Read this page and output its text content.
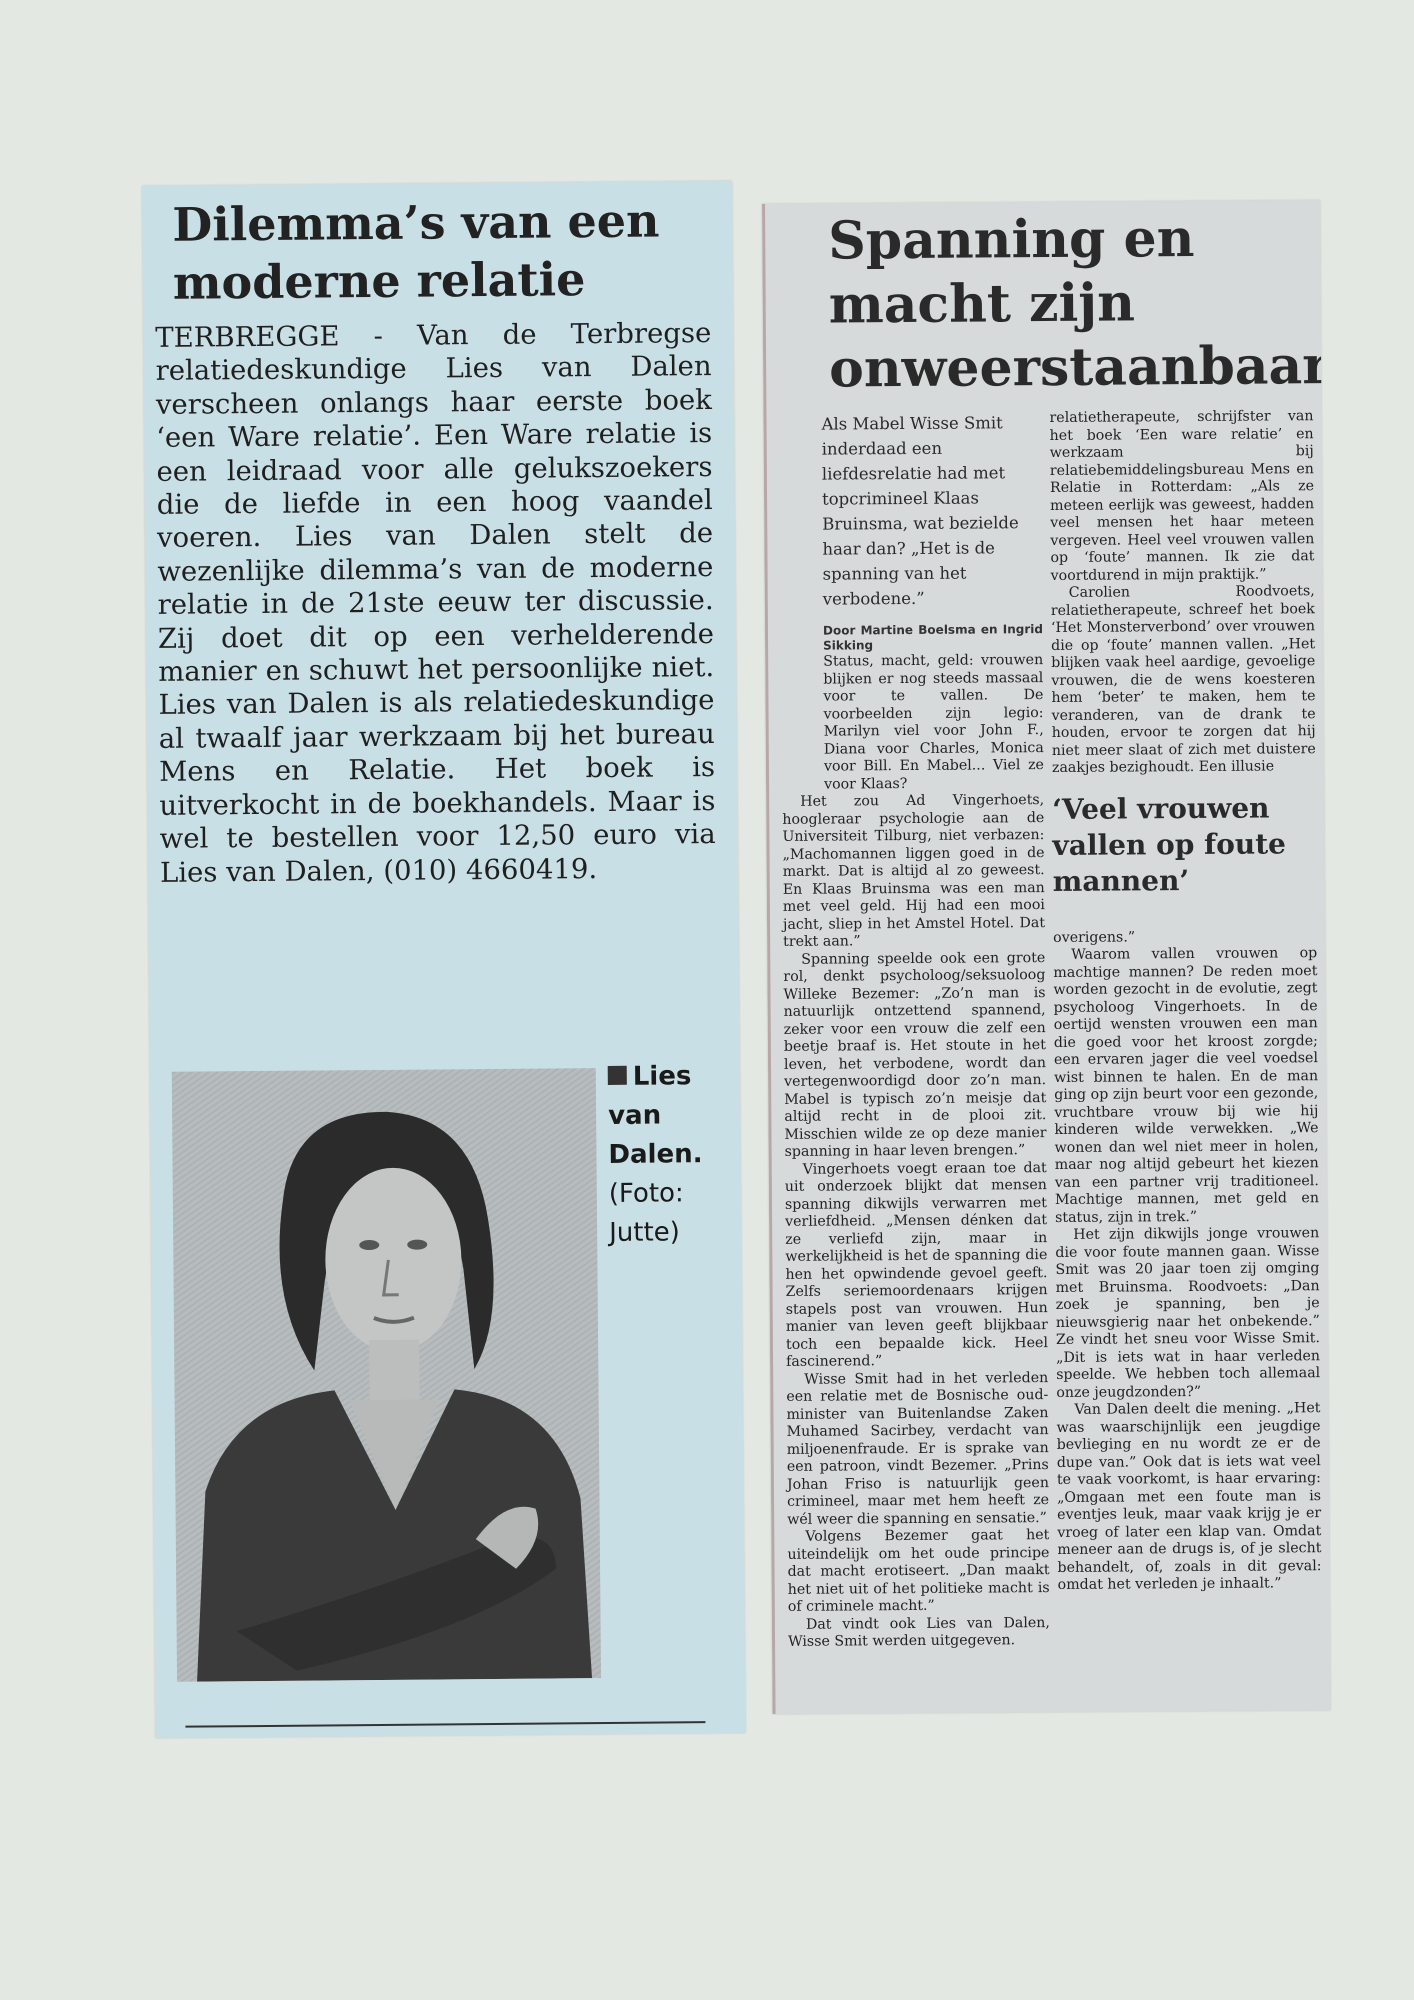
Dilemma’s van een moderne relatie

TERBREGGE - Van de Terbregse relatiedeskundige Lies van Dalen verscheen onlangs haar eerste boek ‘een Ware relatie’. Een Ware relatie is een leidraad voor alle gelukszoekers die de liefde in een hoog vaandel voeren. Lies van Dalen stelt de wezenlijke dilemma’s van de moderne relatie in de 21ste eeuw ter discussie. Zij doet dit op een verhelderende manier en schuwt het persoonlijke niet. Lies van Dalen is als relatiedeskundige al twaalf jaar werkzaam bij het bureau Mens en Relatie. Het boek is uitverkocht in de boekhandels. Maar is wel te bestellen voor 12,50 euro via Lies van Dalen, (010) 4660419.

Lies van Dalen.
(Foto: Jutte)
Spanning en macht zijn onweerstaanbaar

Als Mabel Wisse Smit inderdaad een liefdesrelatie had met topcrimineel Klaas Bruinsma, wat bezielde haar dan? „Het is de spanning van het verbodene.”

Door Martine Boelsma en Ingrid Sikking

Status, macht, geld: vrouwen blijken er nog steeds massaal voor te vallen. De voorbeelden zijn legio: Marilyn viel voor John F., Diana voor Charles, Monica voor Bill. En Mabel... Viel ze voor Klaas?

Het zou Ad Vingerhoets, hoogleraar psychologie aan de Universiteit Tilburg, niet verbazen: „Machomannen liggen goed in de markt. Dat is altijd al zo geweest. En Klaas Bruinsma was een man met veel geld. Hij had een mooi jacht, sliep in het Amstel Hotel. Dat trekt aan.”

Spanning speelde ook een grote rol, denkt psycholoog/seksuoloog Willeke Bezemer: „Zo’n man is natuurlijk ontzettend spannend, zeker voor een vrouw die zelf een beetje braaf is. Het stoute in het leven, het verbodene, wordt dan vertegenwoordigd door zo’n man. Mabel is typisch zo’n meisje dat altijd recht in de plooi zit. Misschien wilde ze op deze manier spanning in haar leven brengen.”

Vingerhoets voegt eraan toe dat uit onderzoek blijkt dat mensen spanning dikwijls verwarren met verliefdheid. „Mensen dénken dat ze verliefd zijn, maar in werkelijkheid is het de spanning die hen het opwindende gevoel geeft. Zelfs seriemoordenaars krijgen stapels post van vrouwen. Hun manier van leven geeft blijkbaar toch een bepaalde kick. Heel fascinerend.”

Wisse Smit had in het verleden een relatie met de Bosnische oud-minister van Buitenlandse Zaken Muhamed Sacirbey, verdacht van miljoenenfraude. Er is sprake van een patroon, vindt Bezemer. „Prins Johan Friso is natuurlijk geen crimineel, maar met hem heeft ze wél weer die spanning en sensatie.”

Volgens Bezemer gaat het uiteindelijk om het oude principe dat macht erotiseert. „Dan maakt het niet uit of het politieke macht is of criminele macht.”

Dat vindt ook Lies van Dalen, Wisse Smit werden uitgegeven.

relatietherapeute, schrijfster van het boek ‘Een ware relatie’ en werkzaam bij relatiebemiddelingsbureau Mens en Relatie in Rotterdam: „Als ze meteen eerlijk was geweest, hadden veel mensen het haar meteen vergeven. Heel veel vrouwen vallen op ‘foute’ mannen. Ik zie dat voortdurend in mijn praktijk.”

Carolien Roodvoets, relatietherapeute, schreef het boek ‘Het Monsterverbond’ over vrouwen die op ‘foute’ mannen vallen. „Het blijken vaak heel aardige, gevoelige vrouwen, die de wens koesteren hem ‘beter’ te maken, hem te veranderen, van de drank te houden, ervoor te zorgen dat hij niet meer slaat of zich met duistere zaakjes bezighoudt. Een illusie

‘Veel vrouwen vallen op foute mannen’

overigens.”

Waarom vallen vrouwen op machtige mannen? De reden moet worden gezocht in de evolutie, zegt psycholoog Vingerhoets. In de oertijd wensten vrouwen een man die goed voor het kroost zorgde; een ervaren jager die veel voedsel wist binnen te halen. En de man ging op zijn beurt voor een gezonde, vruchtbare vrouw bij wie hij kinderen wilde verwekken. „We wonen dan wel niet meer in holen, maar nog altijd gebeurt het kiezen van een partner vrij traditioneel. Machtige mannen, met geld en status, zijn in trek.”

Het zijn dikwijls jonge vrouwen die voor foute mannen gaan. Wisse Smit was 20 jaar toen zij omging met Bruinsma. Roodvoets: „Dan zoek je spanning, ben je nieuwsgierig naar het onbekende.” Ze vindt het sneu voor Wisse Smit. „Dit is iets wat in haar verleden speelde. We hebben toch allemaal onze jeugdzonden?”

Van Dalen deelt die mening. „Het was waarschijnlijk een jeugdige bevlieging en nu wordt ze er de dupe van.” Ook dat is iets wat veel te vaak voorkomt, is haar ervaring: „Omgaan met een foute man is eventjes leuk, maar vaak krijg je er vroeg of later een klap van. Omdat meneer aan de drugs is, of je slecht behandelt, of, zoals in dit geval: omdat het verleden je inhaalt.”
